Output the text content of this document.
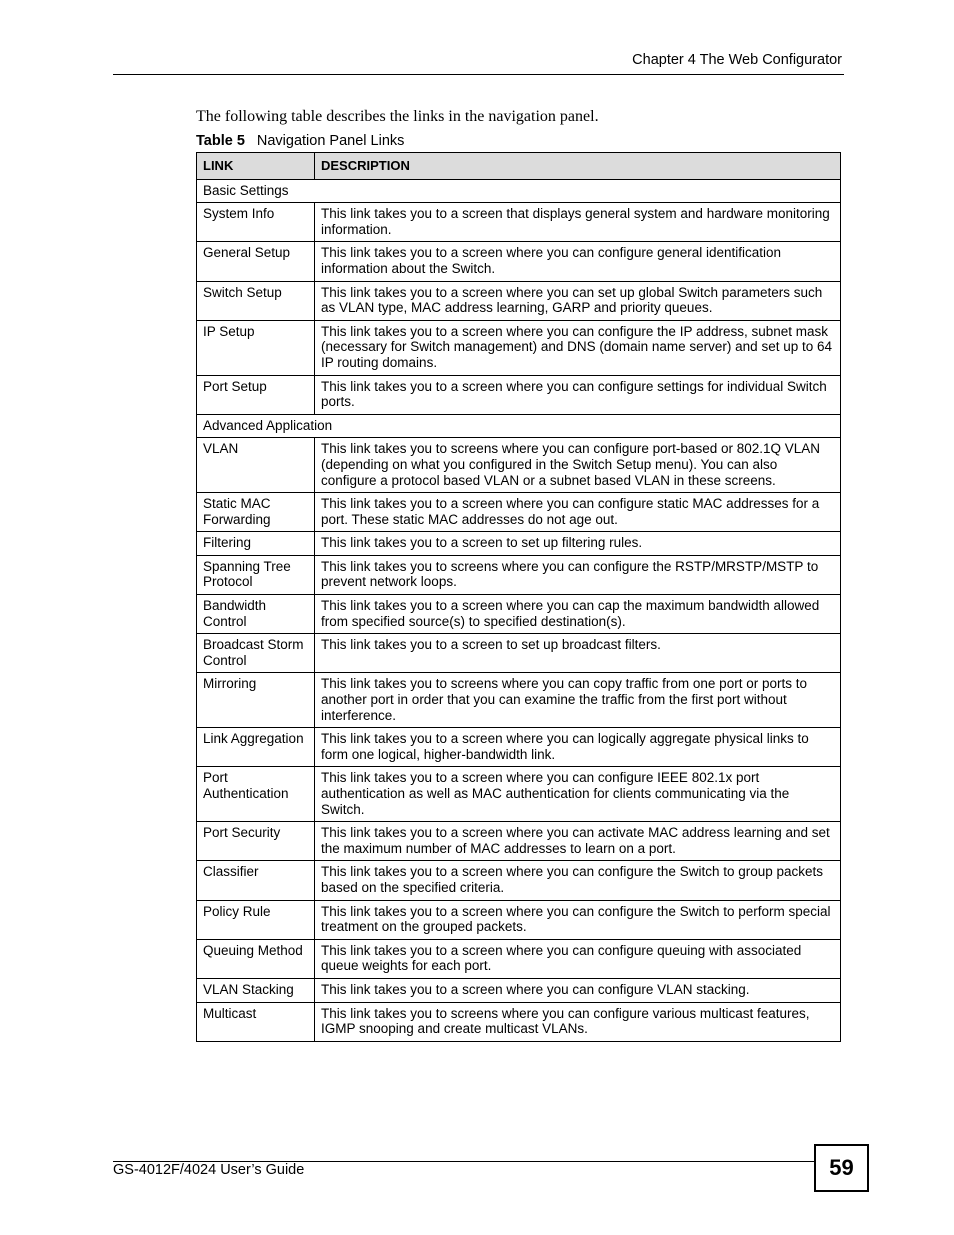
Chapter 4 The Web Configurator
The following table describes the links in the navigation panel.
Table 5 Navigation Panel Links
LINK	DESCRIPTION
Basic Settings	
System Info	This link takes you to a screen that displays general system and hardware monitoring information.
General Setup	This link takes you to a screen where you can configure general identification information about the Switch.
Switch Setup	This link takes you to a screen where you can set up global Switch parameters such as VLAN type, MAC address learning, GARP and priority queues.
IP Setup	This link takes you to a screen where you can configure the IP address, subnet mask (necessary for Switch management) and DNS (domain name server) and set up to 64 IP routing domains.
Port Setup	This link takes you to a screen where you can configure settings for individual Switch ports.
Advanced Application	
VLAN	This link takes you to screens where you can configure port-based or 802.1Q VLAN (depending on what you configured in the Switch Setup menu). You can also configure a protocol based VLAN or a subnet based VLAN in these screens.
Static MAC Forwarding	This link takes you to a screen where you can configure static MAC addresses for a port. These static MAC addresses do not age out.
Filtering	This link takes you to a screen to set up filtering rules.
Spanning Tree Protocol	This link takes you to screens where you can configure the RSTP/MRSTP/MSTP to prevent network loops.
Bandwidth Control	This link takes you to a screen where you can cap the maximum bandwidth allowed from specified source(s) to specified destination(s).
Broadcast Storm Control	This link takes you to a screen to set up broadcast filters.
Mirroring	This link takes you to screens where you can copy traffic from one port or ports to another port in order that you can examine the traffic from the first port without interference.
Link Aggregation	This link takes you to a screen where you can logically aggregate physical links to form one logical, higher-bandwidth link.
Port Authentication	This link takes you to a screen where you can configure IEEE 802.1x port authentication as well as MAC authentication for clients communicating via the Switch.
Port Security	This link takes you to a screen where you can activate MAC address learning and set the maximum number of MAC addresses to learn on a port.
Classifier	This link takes you to a screen where you can configure the Switch to group packets based on the specified criteria.
Policy Rule	This link takes you to a screen where you can configure the Switch to perform special treatment on the grouped packets.
Queuing Method	This link takes you to a screen where you can configure queuing with associated queue weights for each port.
VLAN Stacking	This link takes you to a screen where you can configure VLAN stacking.
Multicast	This link takes you to screens where you can configure various multicast features, IGMP snooping and create multicast VLANs.
GS-4012F/4024 User’s Guide	59
